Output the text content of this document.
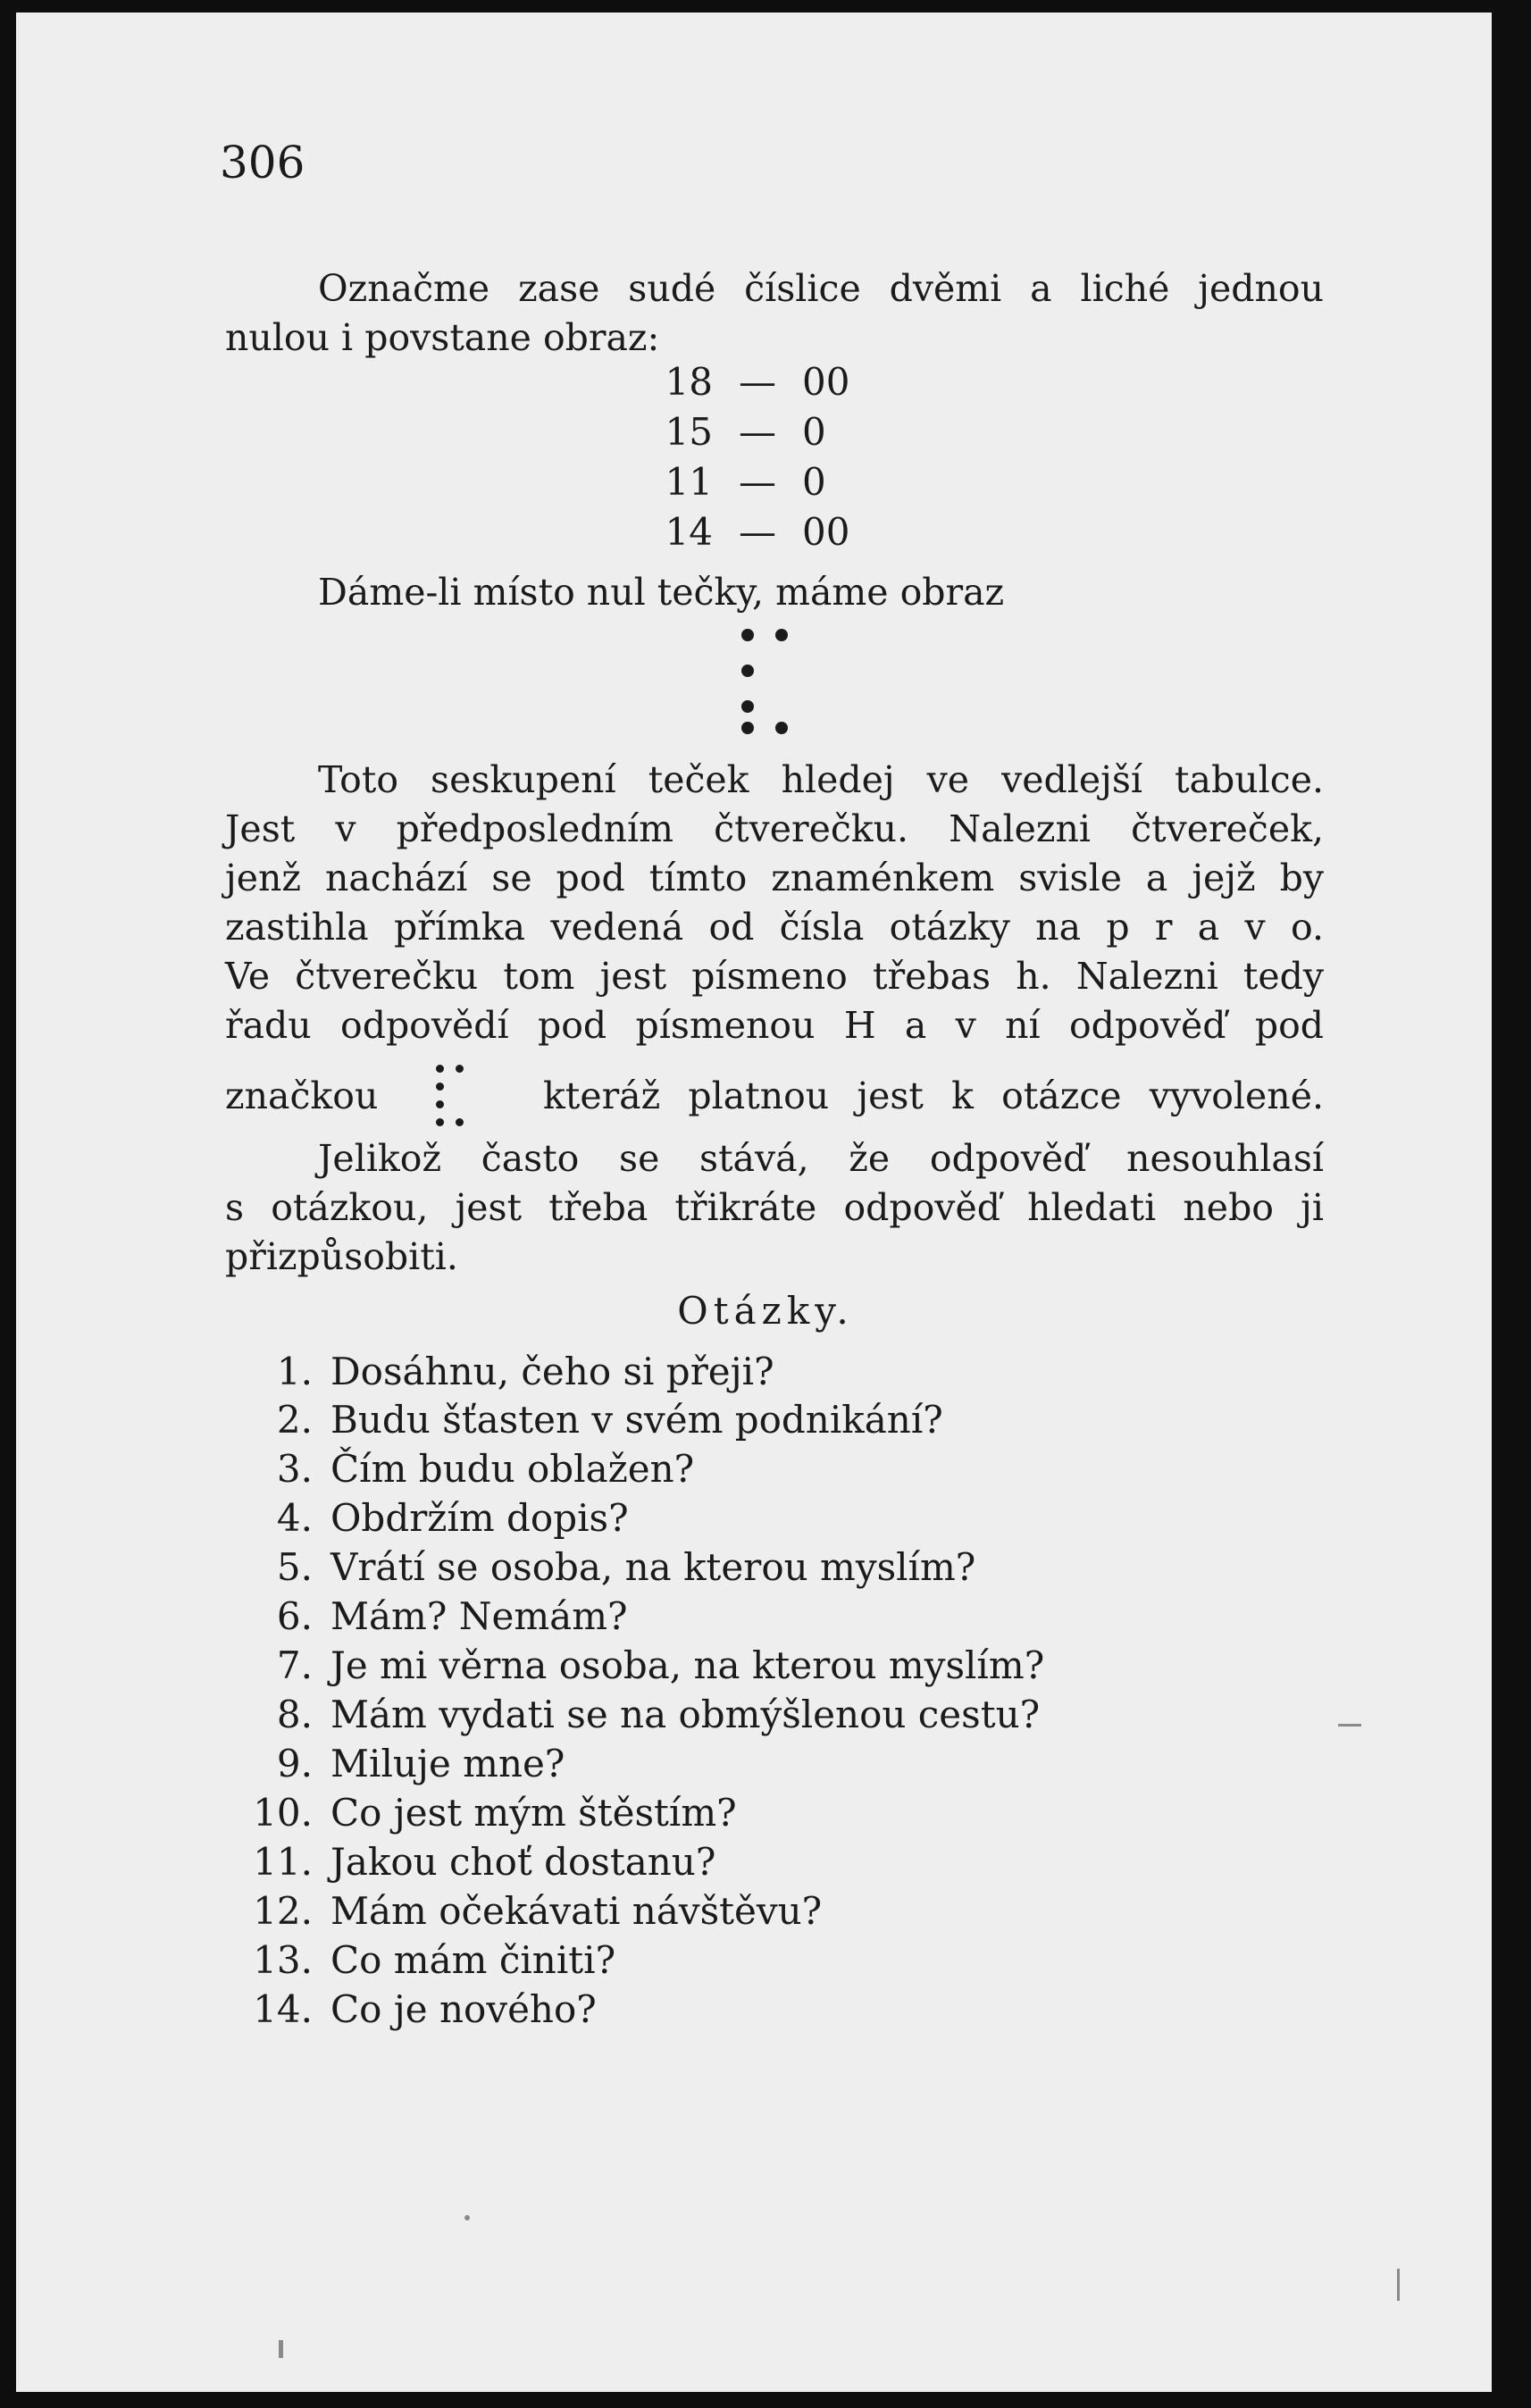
306

Označme zase sudé číslice dvěmi a liché jednou
nulou i povstane obraz:
18 — 00
15 — 0
11 — 0
14 — 00
Dáme-li místo nul tečky, máme obraz
Toto seskupení teček hledej ve vedlejší tabulce.
Jest v předposledním čtverečku. Nalezni čtvereček,
jenž nachází se pod tímto znaménkem svisle a jejž by
zastihla přímka vedená od čísla otázky na p r a v o.
Ve čtverečku tom jest písmeno třebas h. Nalezni tedy
řadu odpovědí pod písmenou H a v ní odpověď pod
značkou	kteráž platnou jest k otázce vyvolené.
Jelikož často se stává, že odpověď nesouhlasí
s otázkou, jest třeba třikráte odpověď hledati nebo ji
přizpůsobiti.
Otázky.
1. Dosáhnu, čeho si přeji?
2. Budu šťasten v svém podnikání?
3. Čím budu oblažen?
4. Obdržím dopis?
5. Vrátí se osoba, na kterou myslím?
6. Mám? Nemám?
7. Je mi věrna osoba, na kterou myslím?
8. Mám vydati se na obmýšlenou cestu?
9. Miluje mne?
10. Co jest mým štěstím?
11. Jakou choť dostanu?
12. Mám očekávati návštěvu?
13. Co mám činiti?
14. Co je nového?
